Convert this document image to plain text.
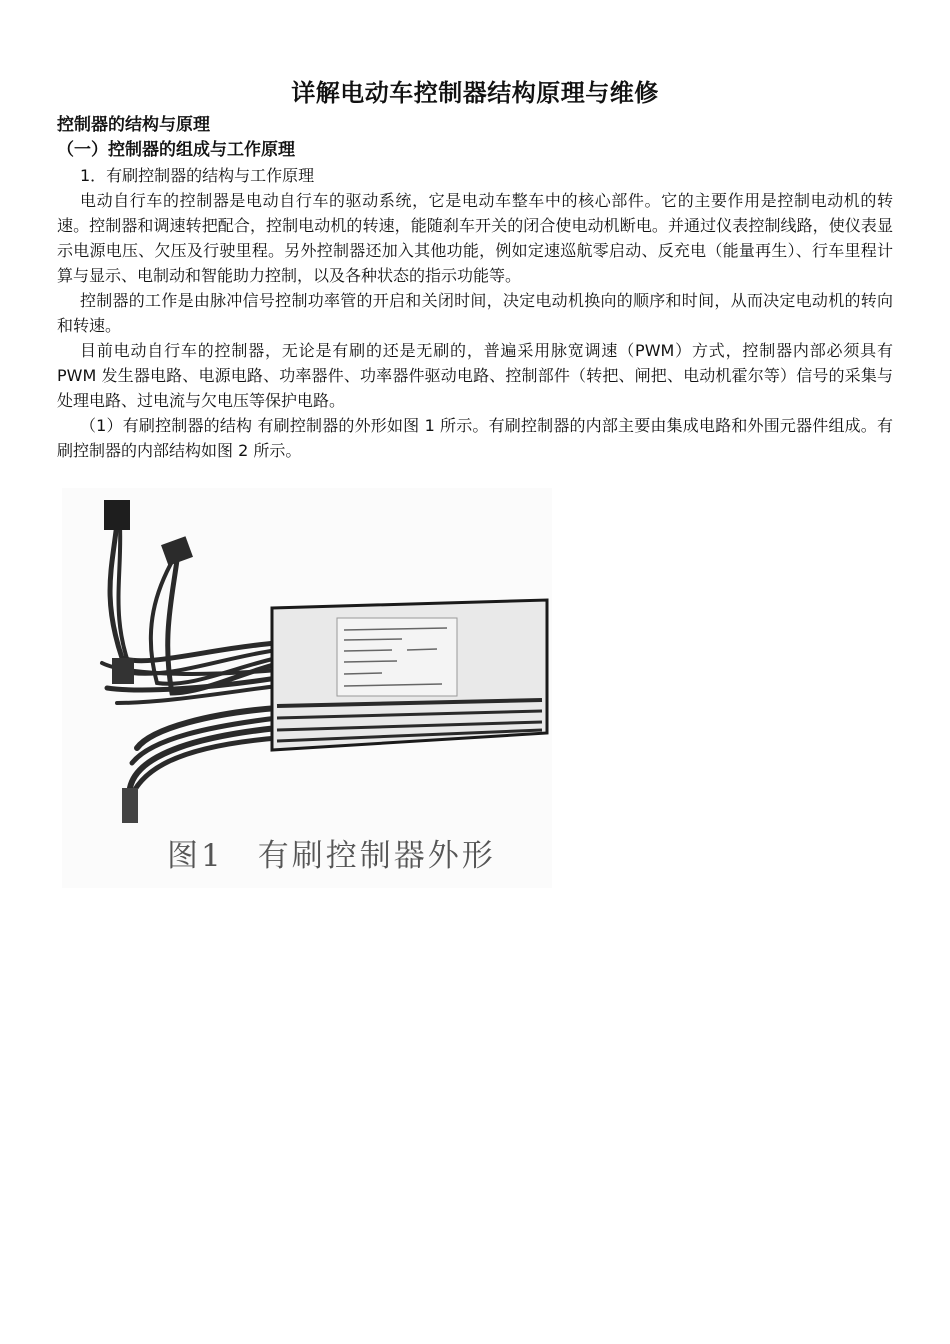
详解电动车控制器结构原理与维修
控制器的结构与原理
（一）控制器的组成与工作原理
1．有刷控制器的结构与工作原理

电动自行车的控制器是电动自行车的驱动系统，它是电动车整车中的核心部件。它的主要作用是控制电动机的转速。控制器和调速转把配合，控制电动机的转速，能随刹车开关的闭合使电动机断电。并通过仪表控制线路，使仪表显示电源电压、欠压及行驶里程。另外控制器还加入其他功能，例如定速巡航零启动、反充电（能量再生）、行车里程计算与显示、电制动和智能助力控制，以及各种状态的指示功能等。

控制器的工作是由脉冲信号控制功率管的开启和关闭时间，决定电动机换向的顺序和时间，从而决定电动机的转向和转速。

目前电动自行车的控制器，无论是有刷的还是无刷的，普遍采用脉宽调速（PWM）方式，控制器内部必须具有 PWM 发生器电路、电源电路、功率器件、功率器件驱动电路、控制部件（转把、闸把、电动机霍尔等）信号的采集与处理电路、过电流与欠电压等保护电路。

（1）有刷控制器的结构 有刷控制器的外形如图 1 所示。有刷控制器的内部主要由集成电路和外围元器件组成。有刷控制器的内部结构如图 2 所示。

图1　有刷控制器外形
